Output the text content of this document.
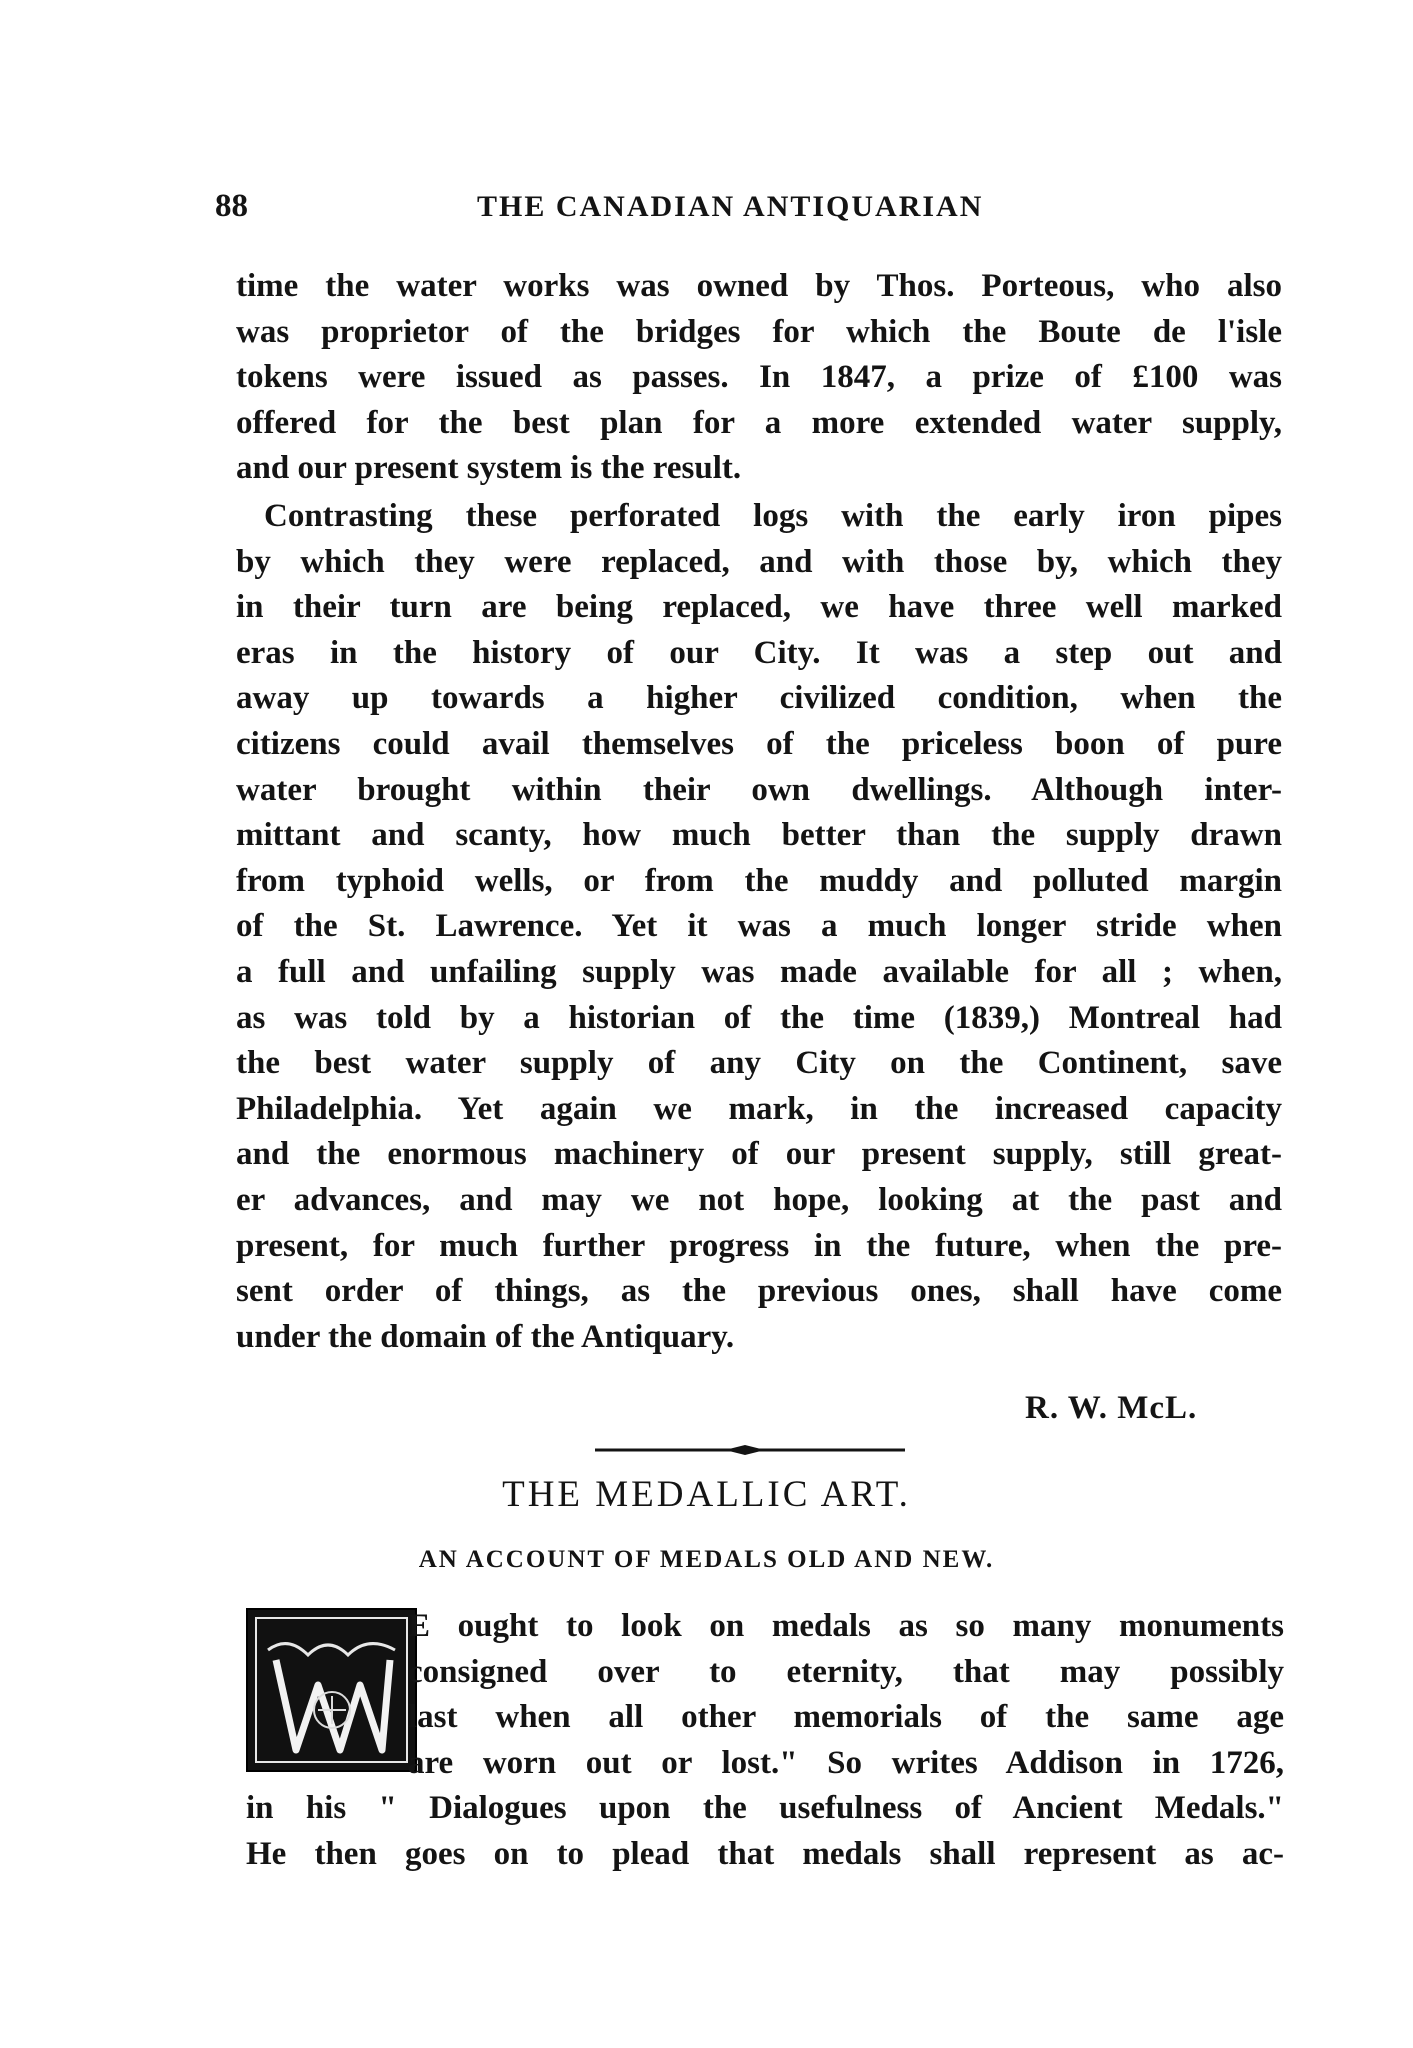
88	THE CANADIAN ANTIQUARIAN
time the water works was owned by Thos. Porteous, who also
was proprietor of the bridges for which the Boute de l'isle
tokens were issued as passes. In 1847, a prize of £100 was
offered for the best plan for a more extended water supply,
and our present system is the result.
Contrasting these perforated logs with the early iron pipes
by which they were replaced, and with those by, which they
in their turn are being replaced, we have three well marked
eras in the history of our City. It was a step out and
away up towards a higher civilized condition, when the
citizens could avail themselves of the priceless boon of pure
water brought within their own dwellings. Although inter-
mittant and scanty, how much better than the supply drawn
from typhoid wells, or from the muddy and polluted margin
of the St. Lawrence. Yet it was a much longer stride when
a full and unfailing supply was made available for all ; when,
as was told by a historian of the time (1839,) Montreal had
the best water supply of any City on the Continent, save
Philadelphia. Yet again we mark, in the increased capacity
and the enormous machinery of our present supply, still great-
er advances, and may we not hope, looking at the past and
present, for much further progress in the future, when the pre-
sent order of things, as the previous ones, shall have come
under the domain of the Antiquary.
R. W. McL.
THE MEDALLIC ART.
AN ACCOUNT OF MEDALS OLD AND NEW.
E ought to look on medals as so many monuments
consigned over to eternity, that may possibly
last when all other memorials of the same age
are worn out or lost." So writes Addison in 1726,
in his " Dialogues upon the usefulness of Ancient Medals."
He then goes on to plead that medals shall represent as ac-
